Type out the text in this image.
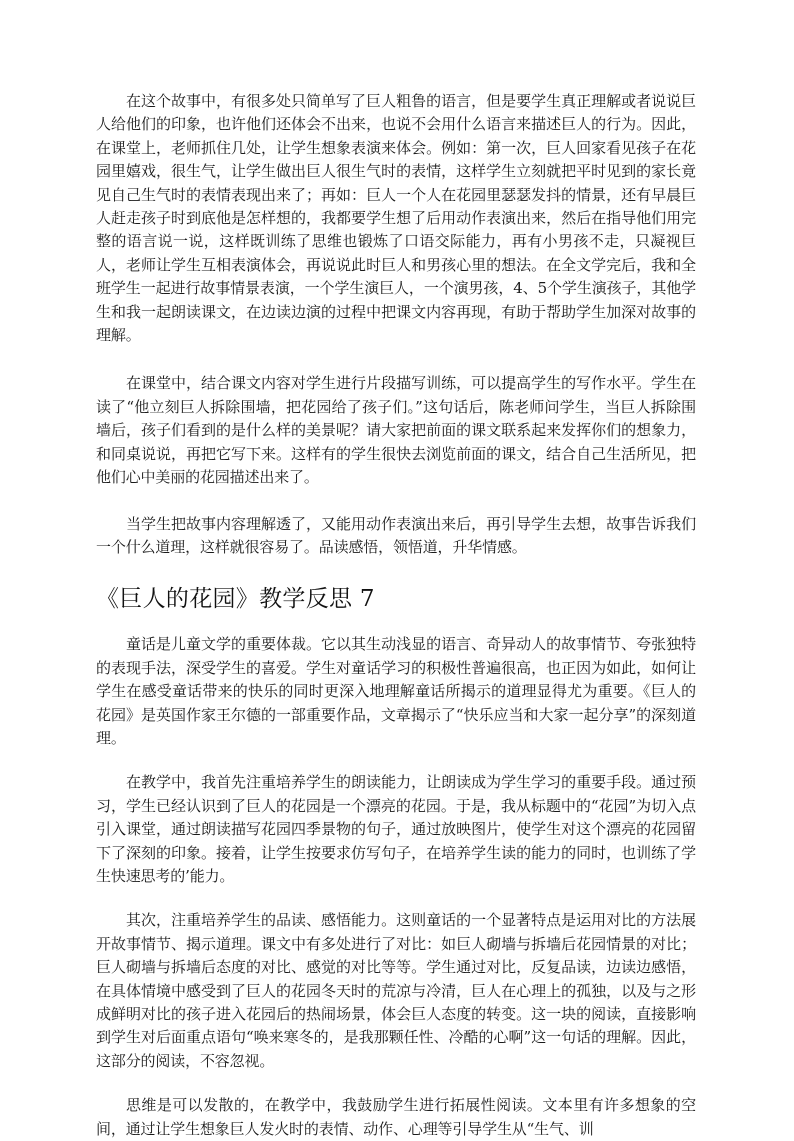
在这个故事中，有很多处只简单写了巨人粗鲁的语言，但是要学生真正理解或者说说巨人给他们的印象，也许他们还体会不出来，也说不会用什么语言来描述巨人的行为。因此，在课堂上，老师抓住几处，让学生想象表演来体会。例如：第一次，巨人回家看见孩子在花园里嬉戏，很生气，让学生做出巨人很生气时的表情，这样学生立刻就把平时见到的家长竟见自己生气时的表情表现出来了；再如：巨人一个人在花园里瑟瑟发抖的情景，还有早晨巨人赶走孩子时到底他是怎样想的，我都要学生想了后用动作表演出来，然后在指导他们用完整的语言说一说，这样既训练了思维也锻炼了口语交际能力，再有小男孩不走，只凝视巨人，老师让学生互相表演体会，再说说此时巨人和男孩心里的想法。在全文学完后，我和全班学生一起进行故事情景表演，一个学生演巨人，一个演男孩，4、5个学生演孩子，其他学生和我一起朗读课文，在边读边演的过程中把课文内容再现，有助于帮助学生加深对故事的理解。

在课堂中，结合课文内容对学生进行片段描写训练，可以提高学生的写作水平。学生在读了“他立刻巨人拆除围墙，把花园给了孩子们。”这句话后，陈老师问学生，当巨人拆除围墙后，孩子们看到的是什么样的美景呢？请大家把前面的课文联系起来发挥你们的想象力，和同桌说说，再把它写下来。这样有的学生很快去浏览前面的课文，结合自己生活所见，把他们心中美丽的花园描述出来了。

当学生把故事内容理解透了，又能用动作表演出来后，再引导学生去想，故事告诉我们一个什么道理，这样就很容易了。品读感悟，领悟道，升华情感。

《巨人的花园》教学反思 7

童话是儿童文学的重要体裁。它以其生动浅显的语言、奇异动人的故事情节、夸张独特的表现手法，深受学生的喜爱。学生对童话学习的积极性普遍很高，也正因为如此，如何让学生在感受童话带来的快乐的同时更深入地理解童话所揭示的道理显得尤为重要。《巨人的花园》是英国作家王尔德的一部重要作品，文章揭示了“快乐应当和大家一起分享”的深刻道理。

在教学中，我首先注重培养学生的朗读能力，让朗读成为学生学习的重要手段。通过预习，学生已经认识到了巨人的花园是一个漂亮的花园。于是，我从标题中的“花园”为切入点引入课堂，通过朗读描写花园四季景物的句子，通过放映图片，使学生对这个漂亮的花园留下了深刻的印象。接着，让学生按要求仿写句子，在培养学生读的能力的同时，也训练了学生快速思考的’能力。

其次，注重培养学生的品读、感悟能力。这则童话的一个显著特点是运用对比的方法展开故事情节、揭示道理。课文中有多处进行了对比：如巨人砌墙与拆墙后花园情景的对比；巨人砌墙与拆墙后态度的对比、感觉的对比等等。学生通过对比，反复品读，边读边感悟，在具体情境中感受到了巨人的花园冬天时的荒凉与冷清，巨人在心理上的孤独，以及与之形成鲜明对比的孩子进入花园后的热闹场景，体会巨人态度的转变。这一块的阅读，直接影响到学生对后面重点语句“唤来寒冬的，是我那颗任性、冷酷的心啊”这一句话的理解。因此，这部分的阅读，不容忽视。

思维是可以发散的，在教学中，我鼓励学生进行拓展性阅读。文本里有许多想象的空间，通过让学生想象巨人发火时的表情、动作、心理等引导学生从“生气、训
